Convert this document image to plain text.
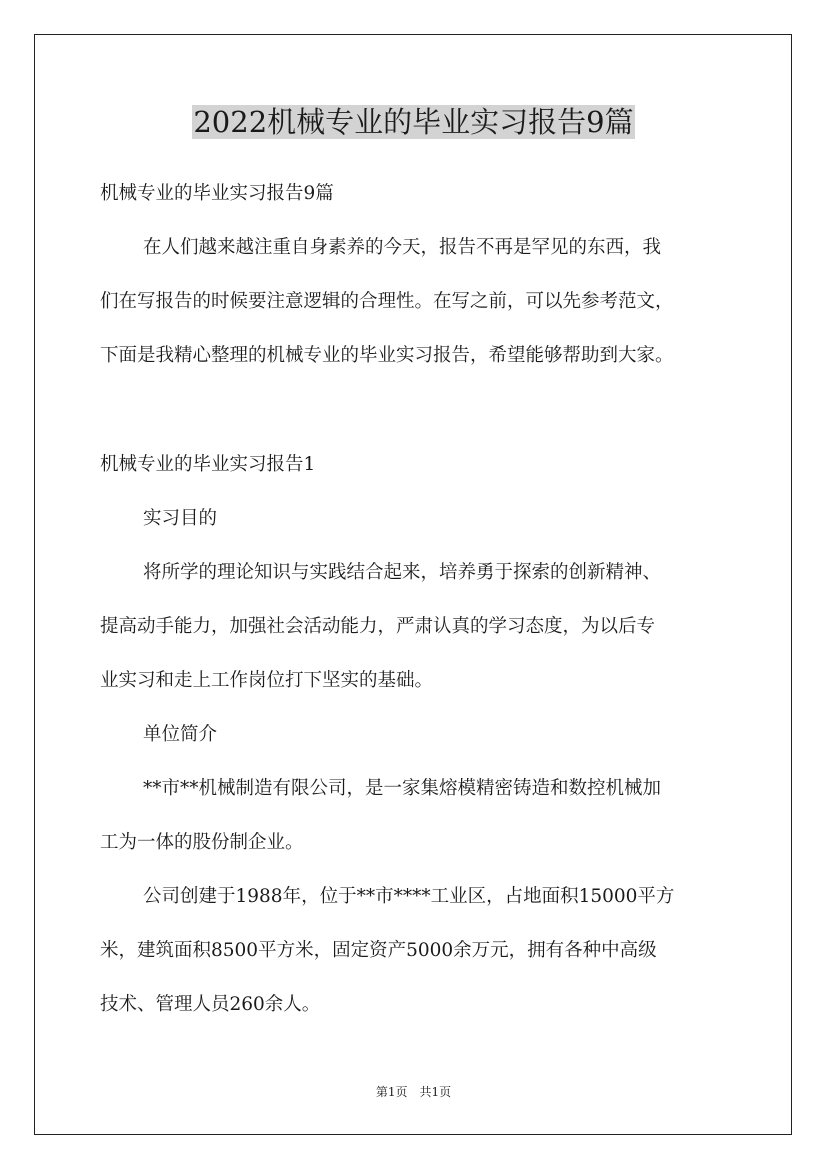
2022机械专业的毕业实习报告9篇

机械专业的毕业实习报告9篇

在人们越来越注重自身素养的今天，报告不再是罕见的东西，我

们在写报告的时候要注意逻辑的合理性。在写之前，可以先参考范文，

下面是我精心整理的机械专业的毕业实习报告，希望能够帮助到大家。

机械专业的毕业实习报告1

实习目的

将所学的理论知识与实践结合起来，培养勇于探索的创新精神、

提高动手能力，加强社会活动能力，严肃认真的学习态度，为以后专

业实习和走上工作岗位打下坚实的基础。

单位简介

**市**机械制造有限公司，是一家集熔模精密铸造和数控机械加

工为一体的股份制企业。

公司创建于1988年，位于**市****工业区，占地面积15000平方

米，建筑面积8500平方米，固定资产5000余万元，拥有各种中高级

技术、管理人员260余人。

第1页　共1页
